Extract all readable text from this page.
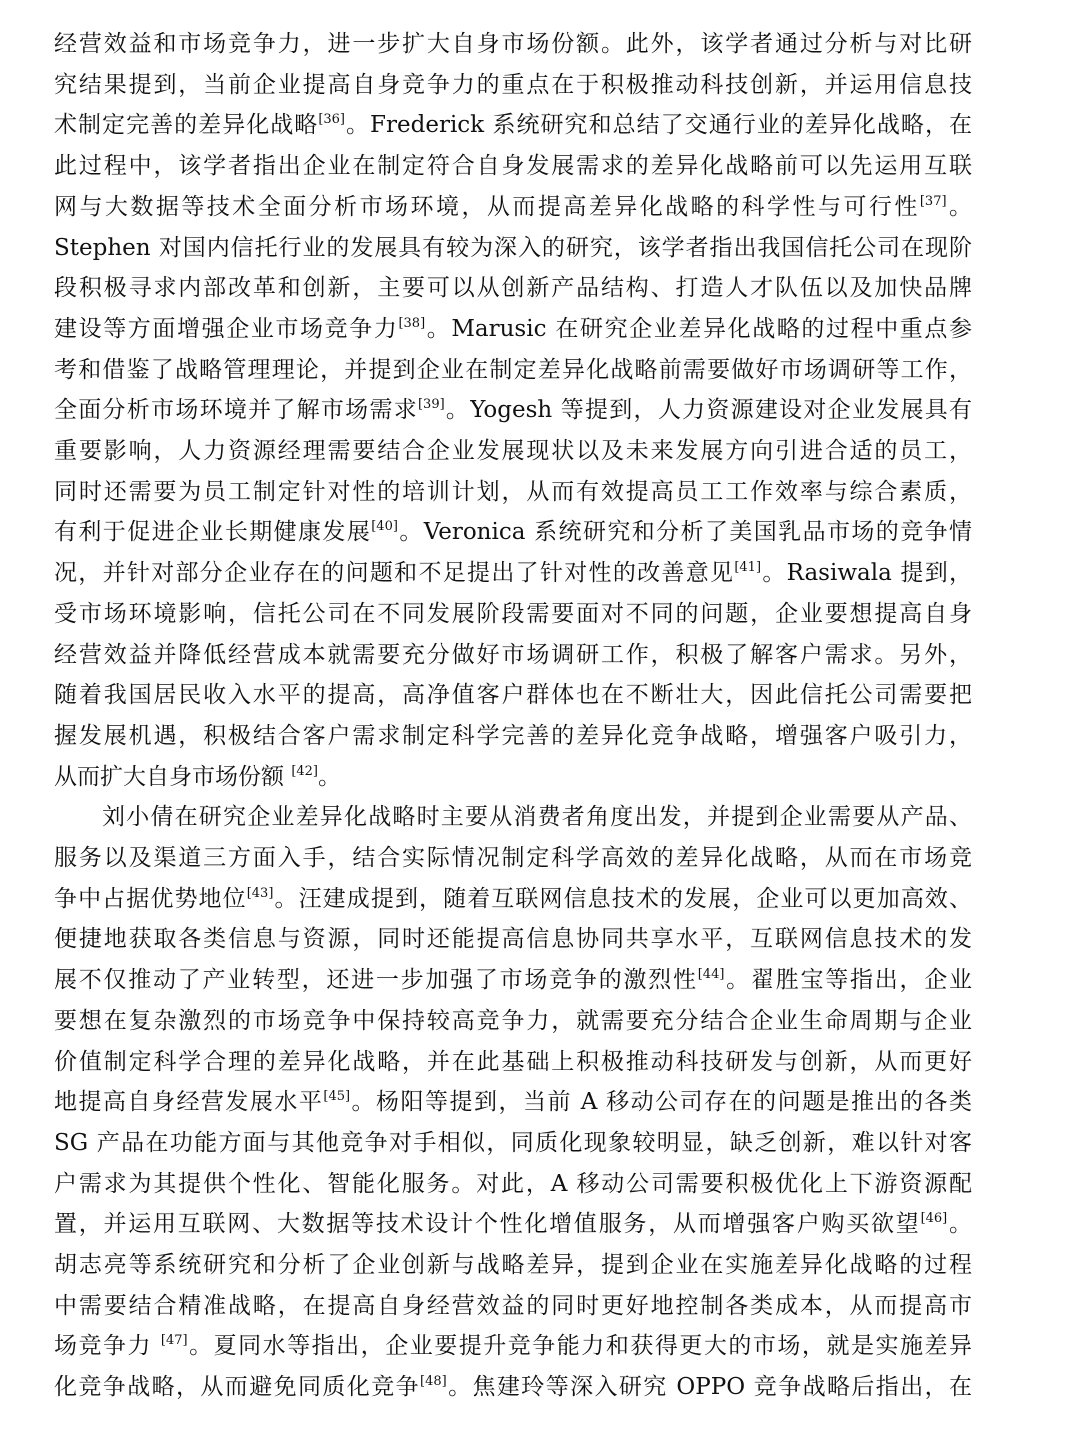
经营效益和市场竞争力，进一步扩大自身市场份额。此外，该学者通过分析与对比研
究结果提到，当前企业提高自身竞争力的重点在于积极推动科技创新，并运用信息技
术制定完善的差异化战略[36]。Frederick 系统研究和总结了交通行业的差异化战略，在
此过程中，该学者指出企业在制定符合自身发展需求的差异化战略前可以先运用互联
网与大数据等技术全面分析市场环境，从而提高差异化战略的科学性与可行性[37]。
Stephen 对国内信托行业的发展具有较为深入的研究，该学者指出我国信托公司在现阶
段积极寻求内部改革和创新，主要可以从创新产品结构、打造人才队伍以及加快品牌
建设等方面增强企业市场竞争力[38]。Marusic 在研究企业差异化战略的过程中重点参
考和借鉴了战略管理理论，并提到企业在制定差异化战略前需要做好市场调研等工作，
全面分析市场环境并了解市场需求[39]。Yogesh 等提到，人力资源建设对企业发展具有
重要影响，人力资源经理需要结合企业发展现状以及未来发展方向引进合适的员工，
同时还需要为员工制定针对性的培训计划，从而有效提高员工工作效率与综合素质，
有利于促进企业长期健康发展[40]。Veronica 系统研究和分析了美国乳品市场的竞争情
况，并针对部分企业存在的问题和不足提出了针对性的改善意见[41]。Rasiwala 提到，
受市场环境影响，信托公司在不同发展阶段需要面对不同的问题，企业要想提高自身
经营效益并降低经营成本就需要充分做好市场调研工作，积极了解客户需求。另外，
随着我国居民收入水平的提高，高净值客户群体也在不断壮大，因此信托公司需要把
握发展机遇，积极结合客户需求制定科学完善的差异化竞争战略，增强客户吸引力，
从而扩大自身市场份额 [42]。
刘小倩在研究企业差异化战略时主要从消费者角度出发，并提到企业需要从产品、
服务以及渠道三方面入手，结合实际情况制定科学高效的差异化战略，从而在市场竞
争中占据优势地位[43]。汪建成提到，随着互联网信息技术的发展，企业可以更加高效、
便捷地获取各类信息与资源，同时还能提高信息协同共享水平，互联网信息技术的发
展不仅推动了产业转型，还进一步加强了市场竞争的激烈性[44]。翟胜宝等指出，企业
要想在复杂激烈的市场竞争中保持较高竞争力，就需要充分结合企业生命周期与企业
价值制定科学合理的差异化战略，并在此基础上积极推动科技研发与创新，从而更好
地提高自身经营发展水平[45]。杨阳等提到，当前 A 移动公司存在的问题是推出的各类
SG 产品在功能方面与其他竞争对手相似，同质化现象较明显，缺乏创新，难以针对客
户需求为其提供个性化、智能化服务。对此，A 移动公司需要积极优化上下游资源配
置，并运用互联网、大数据等技术设计个性化增值服务，从而增强客户购买欲望[46]。
胡志亮等系统研究和分析了企业创新与战略差异，提到企业在实施差异化战略的过程
中需要结合精准战略，在提高自身经营效益的同时更好地控制各类成本，从而提高市
场竞争力 [47]。夏同水等指出，企业要提升竞争能力和获得更大的市场，就是实施差异
化竞争战略，从而避免同质化竞争[48]。焦建玲等深入研究 OPPO 竞争战略后指出，在
